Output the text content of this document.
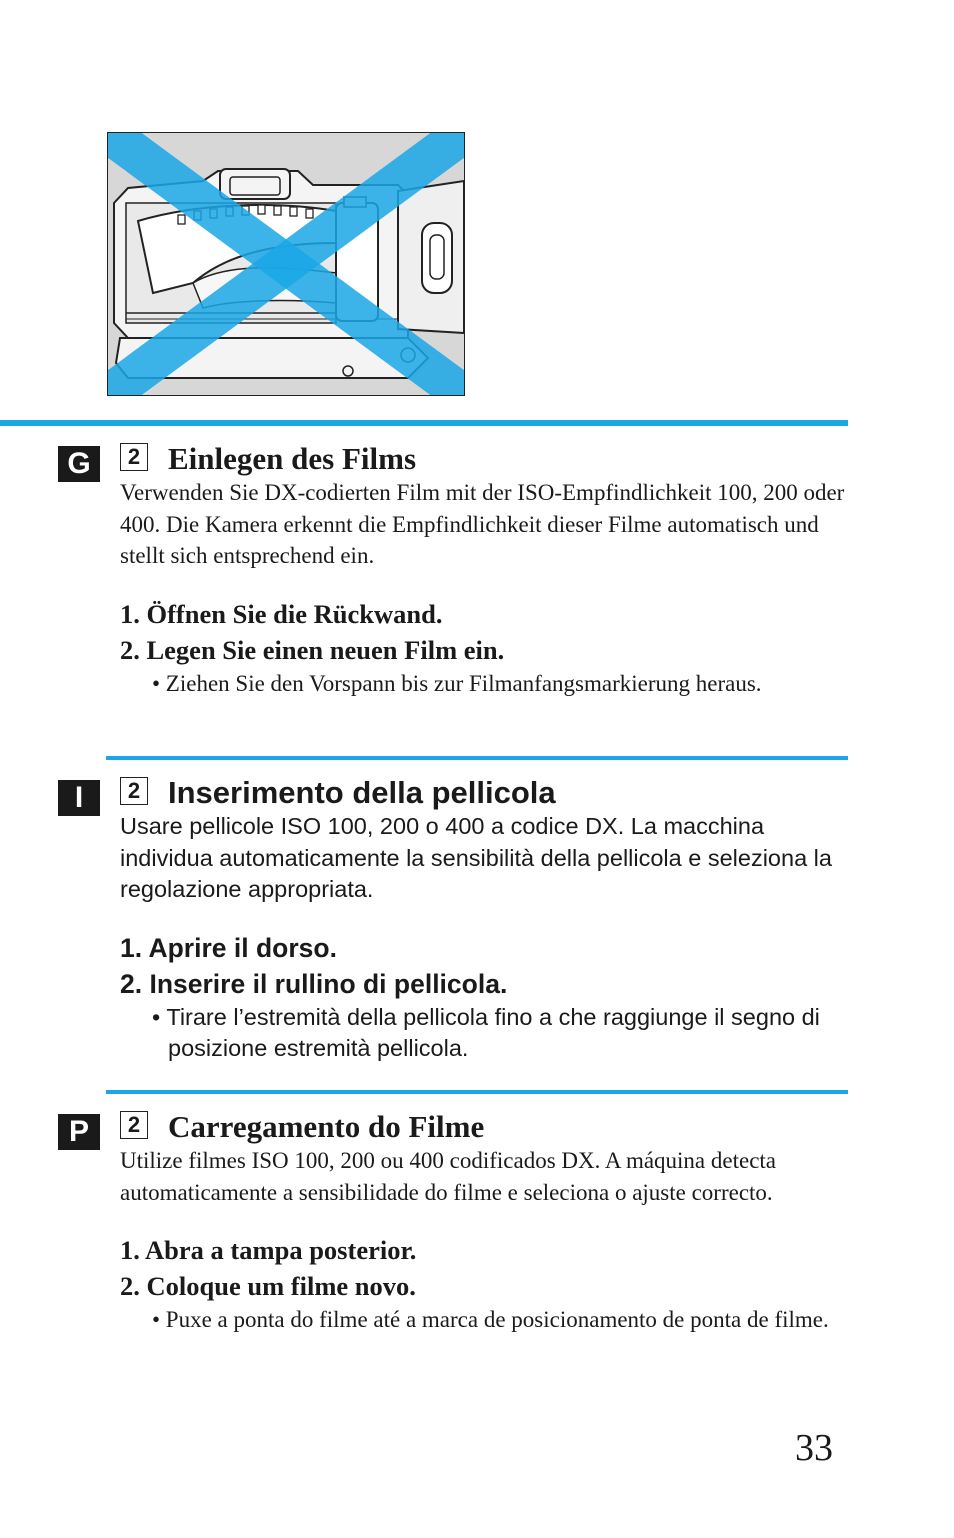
G	2 Einlegen des Films

Verwenden Sie DX-codierten Film mit der ISO-Empfindlichkeit 100, 200 oder 400. Die Kamera erkennt die Empfindlichkeit dieser Filme automatisch und stellt sich entsprechend ein.

1. Öffnen Sie die Rückwand.
2. Legen Sie einen neuen Film ein.

• Ziehen Sie den Vorspann bis zur Filmanfangsmarkierung heraus.

I	2 Inserimento della pellicola

Usare pellicole ISO 100, 200 o 400 a codice DX. La macchina individua automaticamente la sensibilità della pellicola e seleziona la regolazione appropriata.

1. Aprire il dorso.
2. Inserire il rullino di pellicola.

• Tirare l’estremità della pellicola fino a che raggiunge il segno di posizione estremità pellicola.

P	2 Carregamento do Filme

Utilize filmes ISO 100, 200 ou 400 codificados DX. A máquina detecta automaticamente a sensibilidade do filme e seleciona o ajuste correcto.

1. Abra a tampa posterior.
2. Coloque um filme novo.

• Puxe a ponta do filme até a marca de posicionamento de ponta de filme.

33
